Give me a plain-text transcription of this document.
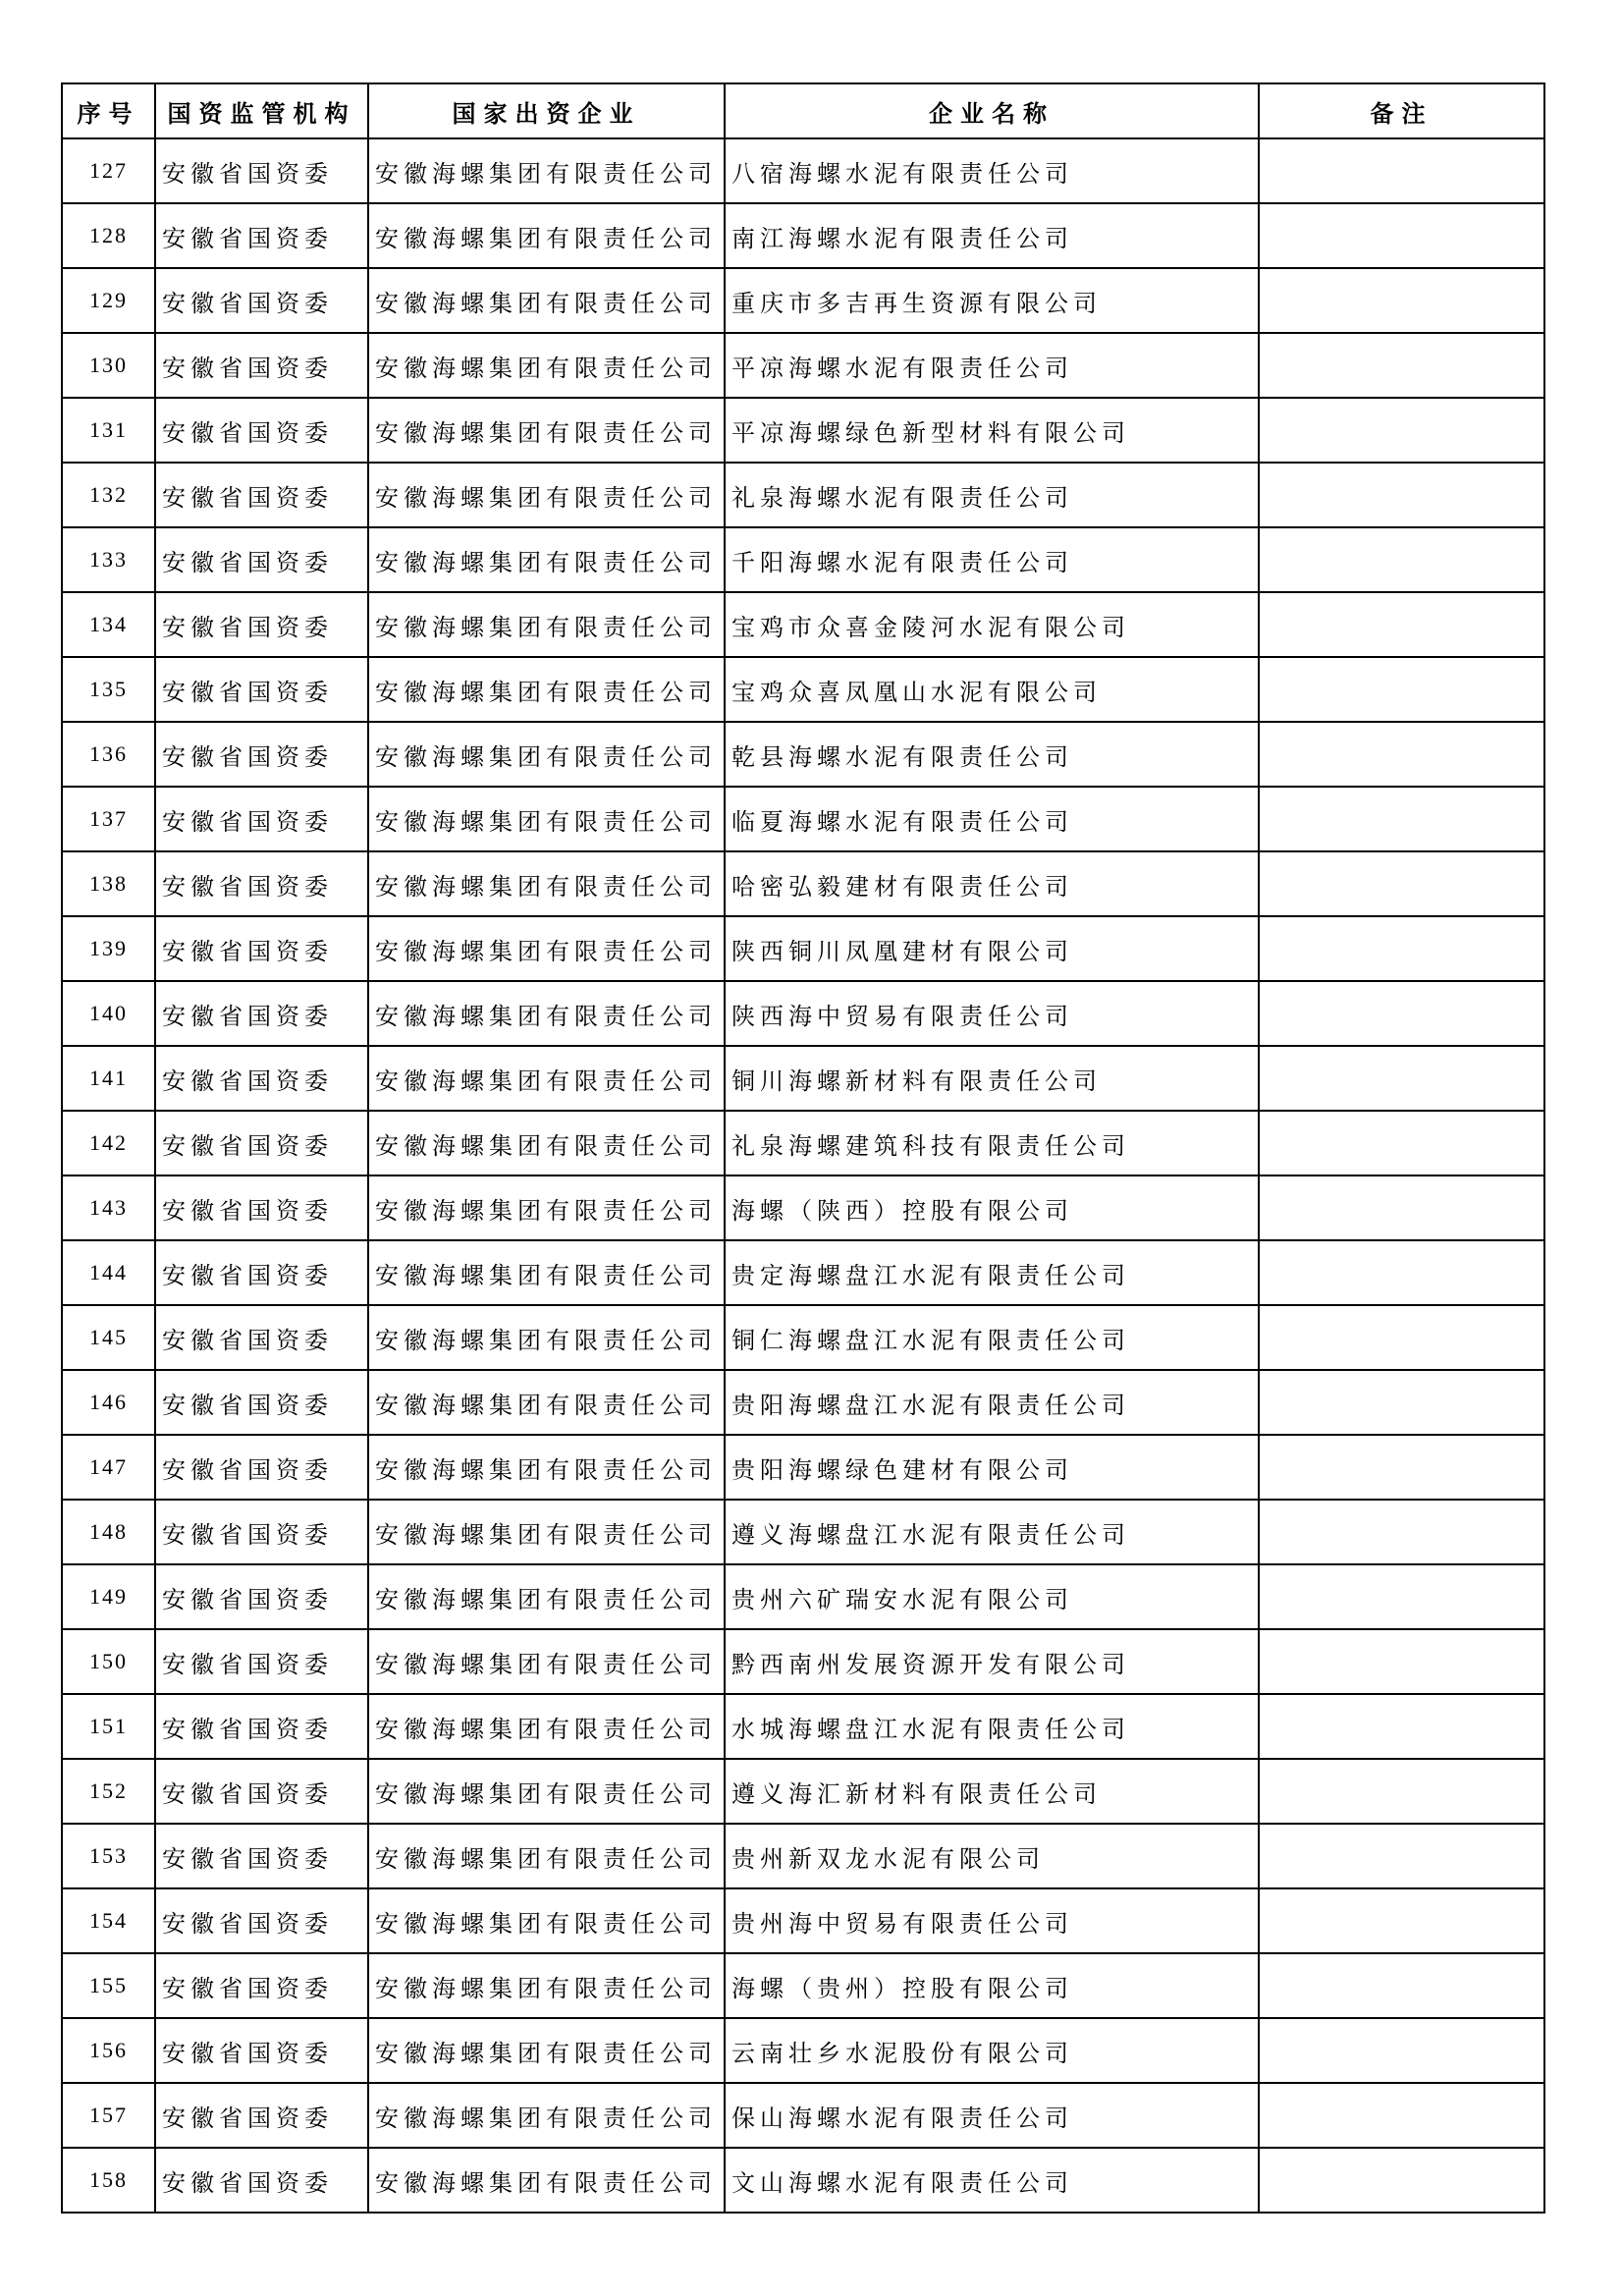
序号	国资监管机构	国家出资企业	企业名称	备注
127	安徽省国资委	安徽海螺集团有限责任公司	八宿海螺水泥有限责任公司	
128	安徽省国资委	安徽海螺集团有限责任公司	南江海螺水泥有限责任公司	
129	安徽省国资委	安徽海螺集团有限责任公司	重庆市多吉再生资源有限公司	
130	安徽省国资委	安徽海螺集团有限责任公司	平凉海螺水泥有限责任公司	
131	安徽省国资委	安徽海螺集团有限责任公司	平凉海螺绿色新型材料有限公司	
132	安徽省国资委	安徽海螺集团有限责任公司	礼泉海螺水泥有限责任公司	
133	安徽省国资委	安徽海螺集团有限责任公司	千阳海螺水泥有限责任公司	
134	安徽省国资委	安徽海螺集团有限责任公司	宝鸡市众喜金陵河水泥有限公司	
135	安徽省国资委	安徽海螺集团有限责任公司	宝鸡众喜凤凰山水泥有限公司	
136	安徽省国资委	安徽海螺集团有限责任公司	乾县海螺水泥有限责任公司	
137	安徽省国资委	安徽海螺集团有限责任公司	临夏海螺水泥有限责任公司	
138	安徽省国资委	安徽海螺集团有限责任公司	哈密弘毅建材有限责任公司	
139	安徽省国资委	安徽海螺集团有限责任公司	陕西铜川凤凰建材有限公司	
140	安徽省国资委	安徽海螺集团有限责任公司	陕西海中贸易有限责任公司	
141	安徽省国资委	安徽海螺集团有限责任公司	铜川海螺新材料有限责任公司	
142	安徽省国资委	安徽海螺集团有限责任公司	礼泉海螺建筑科技有限责任公司	
143	安徽省国资委	安徽海螺集团有限责任公司	海螺（陕西）控股有限公司	
144	安徽省国资委	安徽海螺集团有限责任公司	贵定海螺盘江水泥有限责任公司	
145	安徽省国资委	安徽海螺集团有限责任公司	铜仁海螺盘江水泥有限责任公司	
146	安徽省国资委	安徽海螺集团有限责任公司	贵阳海螺盘江水泥有限责任公司	
147	安徽省国资委	安徽海螺集团有限责任公司	贵阳海螺绿色建材有限公司	
148	安徽省国资委	安徽海螺集团有限责任公司	遵义海螺盘江水泥有限责任公司	
149	安徽省国资委	安徽海螺集团有限责任公司	贵州六矿瑞安水泥有限公司	
150	安徽省国资委	安徽海螺集团有限责任公司	黔西南州发展资源开发有限公司	
151	安徽省国资委	安徽海螺集团有限责任公司	水城海螺盘江水泥有限责任公司	
152	安徽省国资委	安徽海螺集团有限责任公司	遵义海汇新材料有限责任公司	
153	安徽省国资委	安徽海螺集团有限责任公司	贵州新双龙水泥有限公司	
154	安徽省国资委	安徽海螺集团有限责任公司	贵州海中贸易有限责任公司	
155	安徽省国资委	安徽海螺集团有限责任公司	海螺（贵州）控股有限公司	
156	安徽省国资委	安徽海螺集团有限责任公司	云南壮乡水泥股份有限公司	
157	安徽省国资委	安徽海螺集团有限责任公司	保山海螺水泥有限责任公司	
158	安徽省国资委	安徽海螺集团有限责任公司	文山海螺水泥有限责任公司	
